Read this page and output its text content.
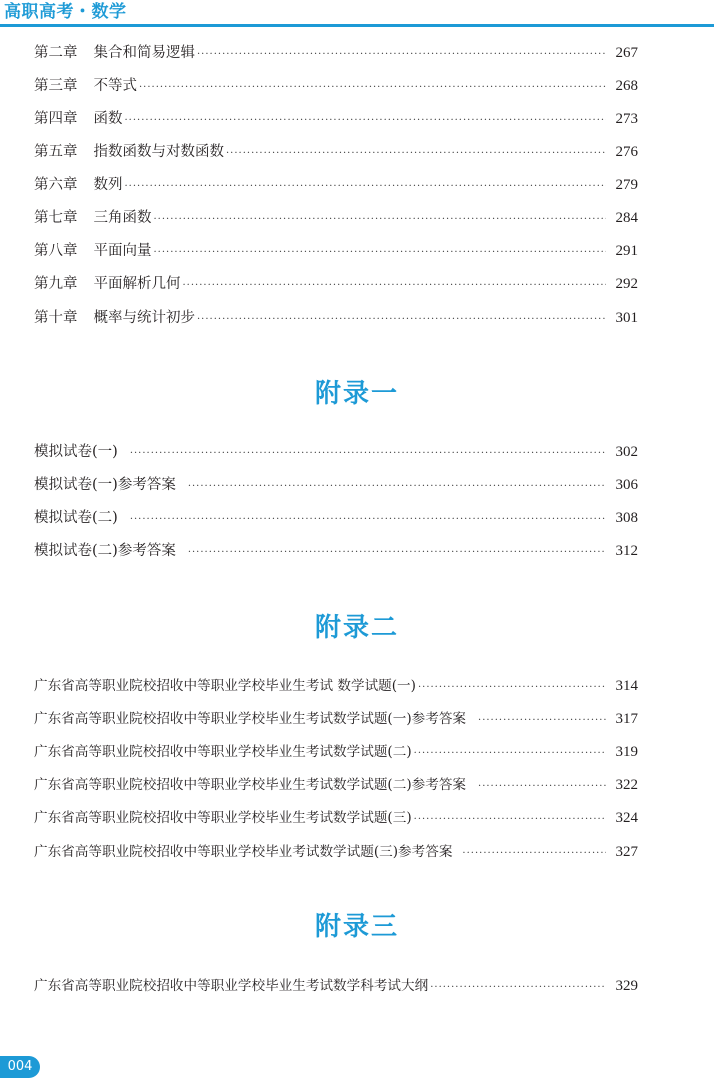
高职高考・数学
第二章 集合和简易逻辑 ·····	267
第三章 不等式 ·····	268
第四章 函数 ·····	273
第五章 指数函数与对数函数 ·····	276
第六章 数列 ·····	279
第七章 三角函数 ·····	284
第八章 平面向量 ·····	291
第九章 平面解析几何 ·····	292
第十章 概率与统计初步 ·····	301
附录一
模拟试卷(一) ·····	302
模拟试卷(一)参考答案 ·····	306
模拟试卷(二) ·····	308
模拟试卷(二)参考答案 ·····	312
附录二
广东省高等职业院校招收中等职业学校毕业生考试 数学试题(一) ·····	314
广东省高等职业院校招收中等职业学校毕业生考试数学试题(一)参考答案 ·····	317
广东省高等职业院校招收中等职业学校毕业生考试数学试题(二) ·····	319
广东省高等职业院校招收中等职业学校毕业生考试数学试题(二)参考答案 ·····	322
广东省高等职业院校招收中等职业学校毕业生考试数学试题(三) ·····	324
广东省高等职业院校招收中等职业学校毕业考试数学试题(三)参考答案 ·····	327
附录三
广东省高等职业院校招收中等职业学校毕业生考试数学科考试大纲 ·····	329
004
